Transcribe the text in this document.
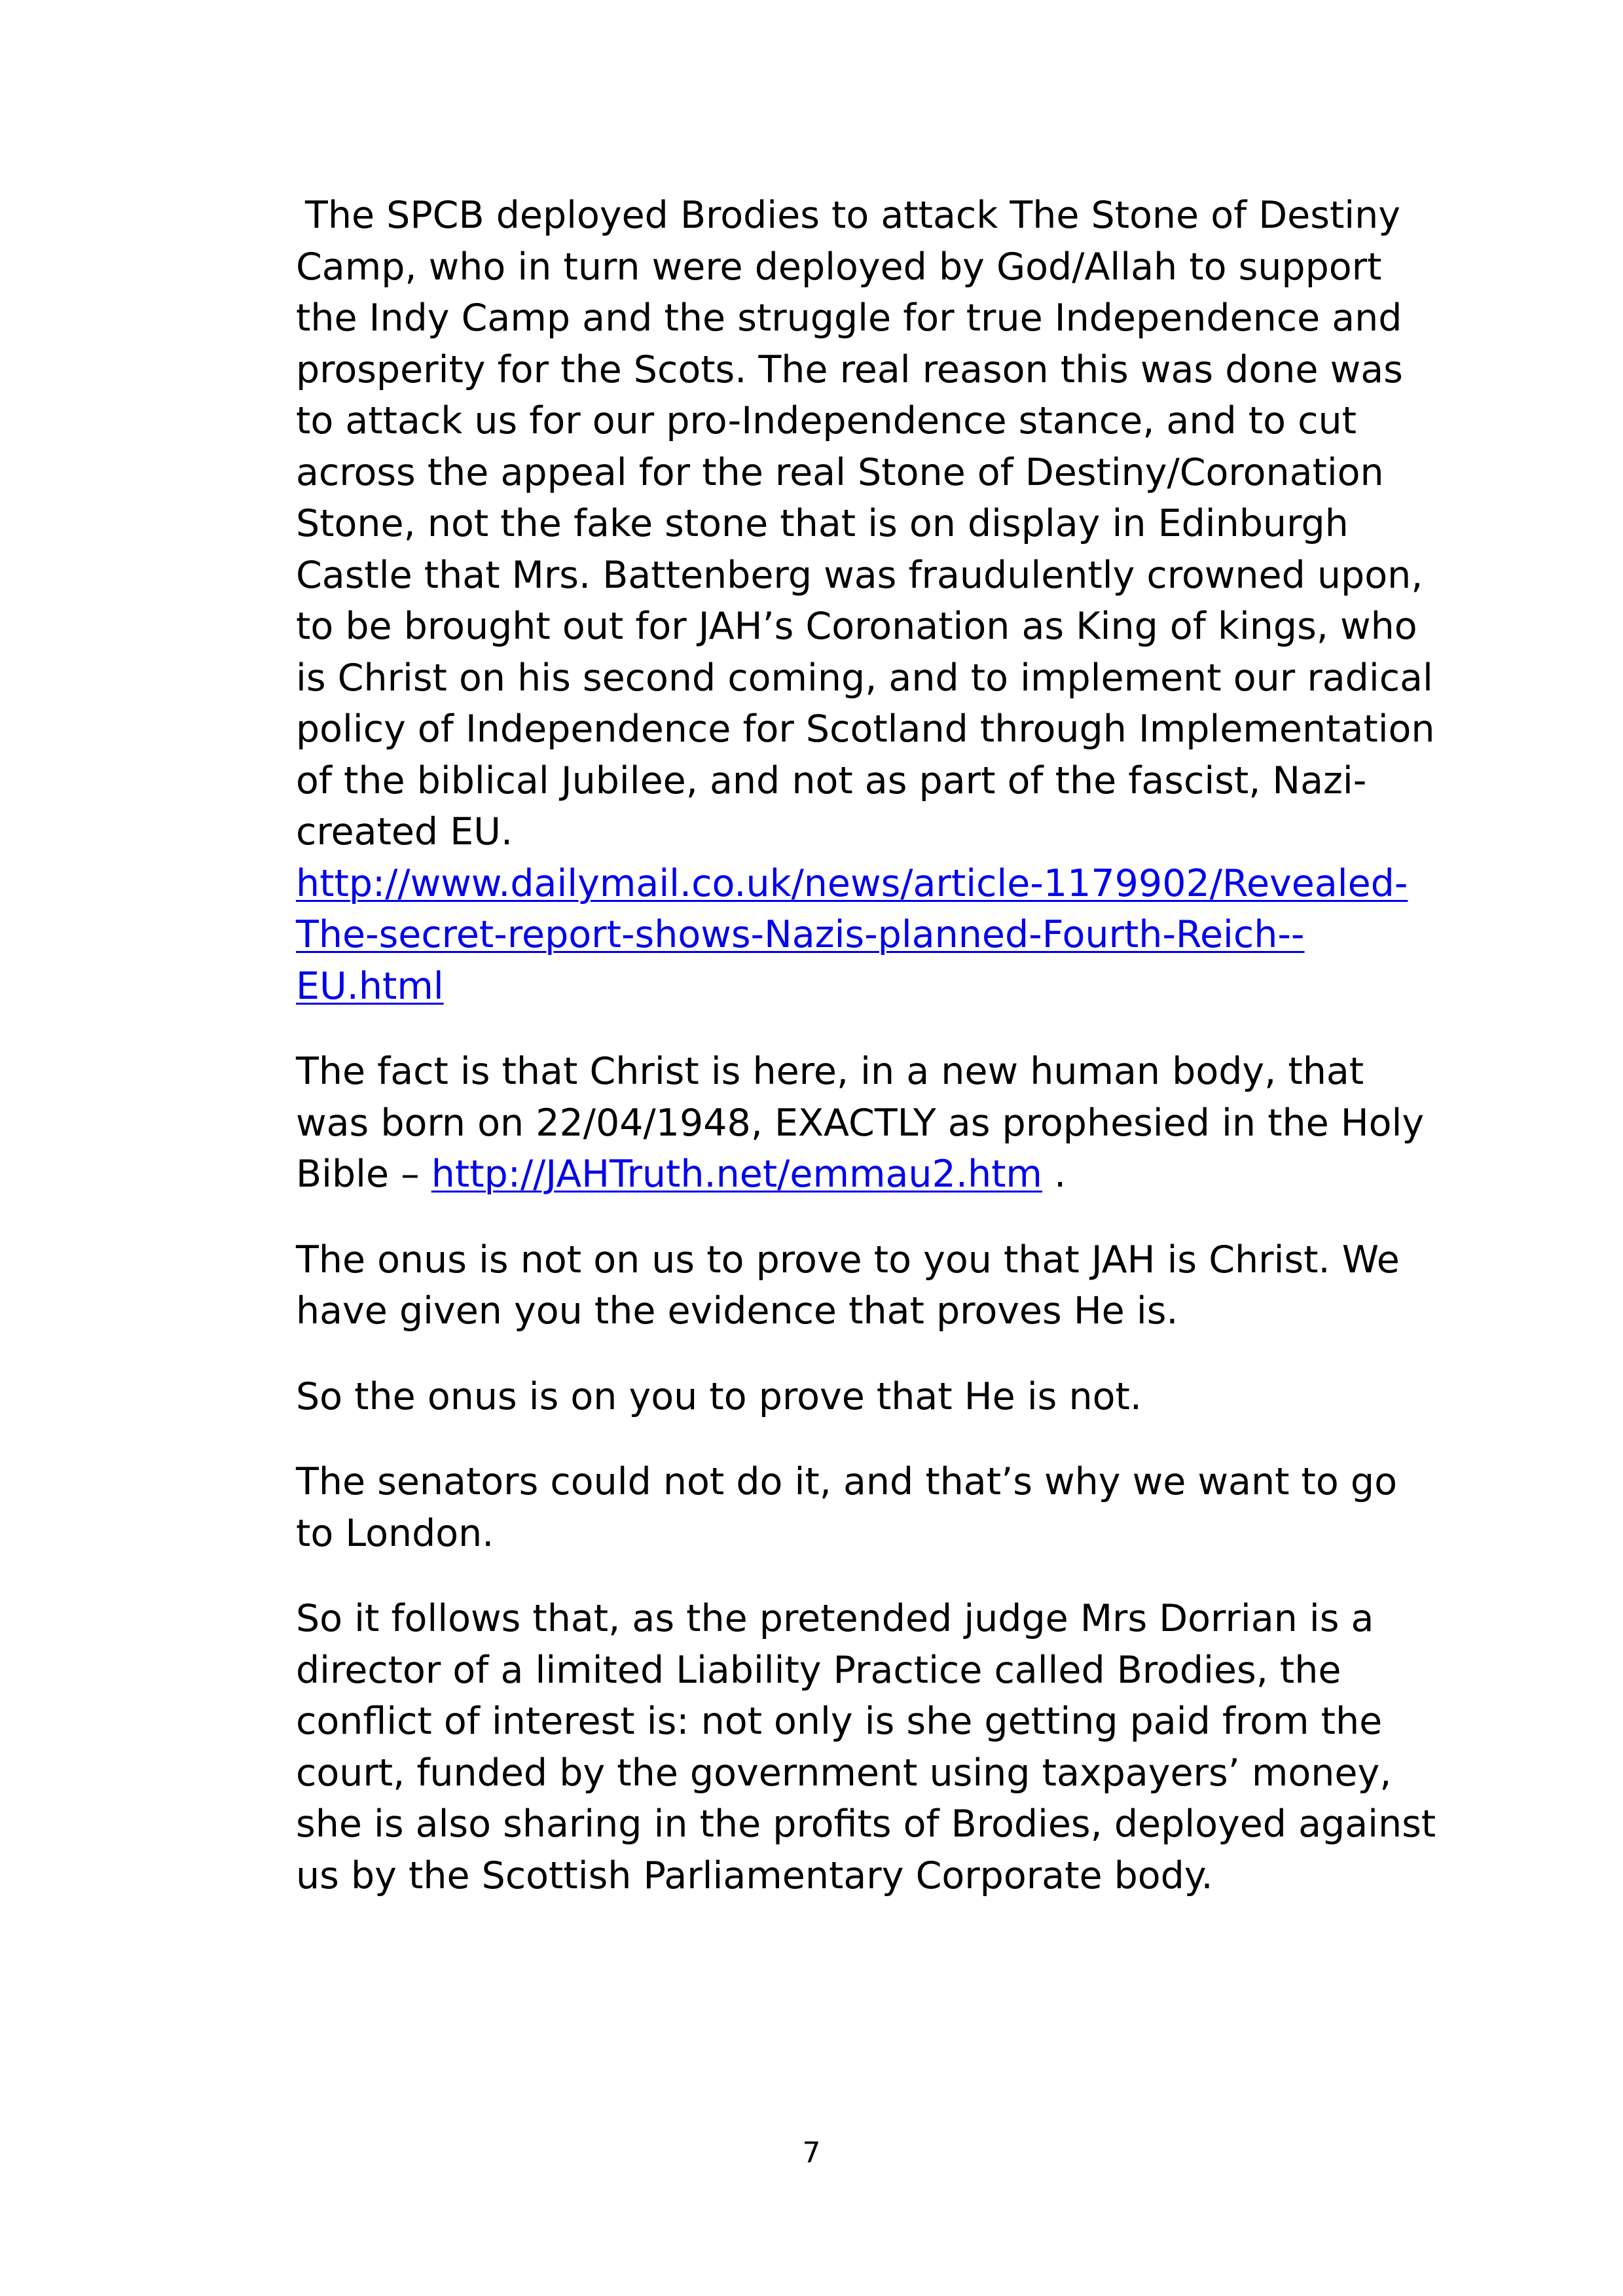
The SPCB deployed Brodies to attack The Stone of Destiny Camp, who in turn were deployed by God/Allah to support the Indy Camp and the struggle for true Independence and prosperity for the Scots. The real reason this was done was to attack us for our pro-Independence stance, and to cut across the appeal for the real Stone of Destiny/Coronation Stone, not the fake stone that is on display in Edinburgh Castle that Mrs. Battenberg was fraudulently crowned upon, to be brought out for JAH’s Coronation as King of kings, who is Christ on his second coming, and to implement our radical policy of Independence for Scotland through Implementation of the biblical Jubilee, and not as part of the fascist, Nazi-created EU.

http://www.dailymail.co.uk/news/article-1179902/Revealed-The-secret-report-shows-Nazis-planned-Fourth-Reich--EU.html

The fact is that Christ is here, in a new human body, that was born on 22/04/1948, EXACTLY as prophesied in the Holy Bible – http://JAHTruth.net/emmau2.htm .

The onus is not on us to prove to you that JAH is Christ. We have given you the evidence that proves He is.

So the onus is on you to prove that He is not.

The senators could not do it, and that’s why we want to go to London.

So it follows that, as the pretended judge Mrs Dorrian is a director of a limited Liability Practice called Brodies, the conflict of interest is: not only is she getting paid from the court, funded by the government using taxpayers’ money, she is also sharing in the profits of Brodies, deployed against us by the Scottish Parliamentary Corporate body.

7
